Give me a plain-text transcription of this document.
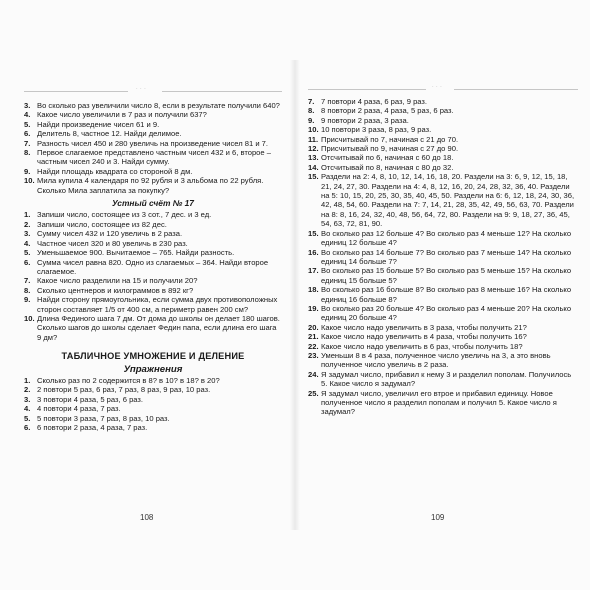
· · ·
3. Во сколько раз увеличили число 8, если в результате получили 640?
4. Какое число увеличили в 7 раз и получили 637?
5. Найди произведение чисел 61 и 9.
6. Делитель 8, частное 12. Найди делимое.
7. Разность чисел 450 и 280 увеличь на произведение чисел 81 и 7.
8. Первое слагаемое представлено частным чисел 432 и 6, второе – частным чисел 240 и 3. Найди сумму.
9. Найди площадь квадрата со стороной 8 дм.
10. Мила купила 4 календаря по 92 рубля и 3 альбома по 22 рубля. Сколько Мила заплатила за покупку?
Устный счёт № 17
1. Запиши число, состоящее из 3 сот., 7 дес. и 3 ед.
2. Запиши число, состоящее из 82 дес.
3. Сумму чисел 432 и 120 увеличь в 2 раза.
4. Частное чисел 320 и 80 увеличь в 230 раз.
5. Уменьшаемое 900. Вычитаемое – 765. Найди разность.
6. Сумма чисел равна 820. Одно из слагаемых – 364. Найди второе слагаемое.
7. Какое число разделили на 15 и получили 20?
8. Сколько центнеров и килограммов в 892 кг?
9. Найди сторону прямоугольника, если сумма двух противоположных сторон составляет 1/5 от 400 см, а периметр равен 200 см?
10. Длина Фединого шага 7 дм. От дома до школы он делает 180 шагов. Сколько шагов до школы сделает Федин папа, если длина его шага 9 дм?
ТАБЛИЧНОЕ УМНОЖЕНИЕ И ДЕЛЕНИЕ
Упражнения
1. Сколько раз по 2 содержится в 8? в 10? в 18? в 20?
2. 2 повтори 5 раз, 6 раз, 7 раз, 8 раз, 9 раз, 10 раз.
3. 3 повтори 4 раза, 5 раз, 6 раз.
4. 4 повтори 4 раза, 7 раз.
5. 5 повтори 3 раза, 7 раз, 8 раз, 10 раз.
6. 6 повтори 2 раза, 4 раза, 7 раз.
108
· · ·
7. 7 повтори 4 раза, 6 раз, 9 раз.
8. 8 повтори 2 раза, 4 раза, 5 раз, 6 раз.
9. 9 повтори 2 раза, 3 раза.
10. 10 повтори 3 раза, 8 раз, 9 раз.
11. Присчитывай по 7, начиная с 21 до 70.
12. Присчитывай по 9, начиная с 27 до 90.
13. Отсчитывай по 6, начиная с 60 до 18.
14. Отсчитывай по 8, начиная с 80 до 32.
15. Раздели на 2: 4, 8, 10, 12, 14, 16, 18, 20. Раздели на 3: 6, 9, 12, 15, 18, 21, 24, 27, 30. Раздели на 4: 4, 8, 12, 16, 20, 24, 28, 32, 36, 40. Раздели на 5: 10, 15, 20, 25, 30, 35, 40, 45, 50. Раздели на 6: 6, 12, 18, 24, 30, 36, 42, 48, 54, 60. Раздели на 7: 7, 14, 21, 28, 35, 42, 49, 56, 63, 70. Раздели на 8: 8, 16, 24, 32, 40, 48, 56, 64, 72, 80. Раздели на 9: 9, 18, 27, 36, 45, 54, 63, 72, 81, 90.
15. Во сколько раз 12 больше 4? Во сколько раз 4 меньше 12? На сколько единиц 12 больше 4?
16. Во сколько раз 14 больше 7? Во сколько раз 7 меньше 14? На сколько единиц 14 больше 7?
17. Во сколько раз 15 больше 5? Во сколько раз 5 меньше 15? На сколько единиц 15 больше 5?
18. Во сколько раз 16 больше 8? Во сколько раз 8 меньше 16? На сколько единиц 16 больше 8?
19. Во сколько раз 20 больше 4? Во сколько раз 4 меньше 20? На сколько единиц 20 больше 4?
20. Какое число надо увеличить в 3 раза, чтобы получить 21?
21. Какое число надо увеличить в 4 раза, чтобы получить 16?
22. Какое число надо увеличить в 6 раз, чтобы получить 18?
23. Уменьши 8 в 4 раза, полученное число увеличь на 3, а это вновь полученное число увеличь в 2 раза.
24. Я задумал число, прибавил к нему 3 и разделил пополам. Получилось 5. Какое число я задумал?
25. Я задумал число, увеличил его втрое и прибавил единицу. Новое полученное число я разделил пополам и получил 5. Какое число я задумал?
109
